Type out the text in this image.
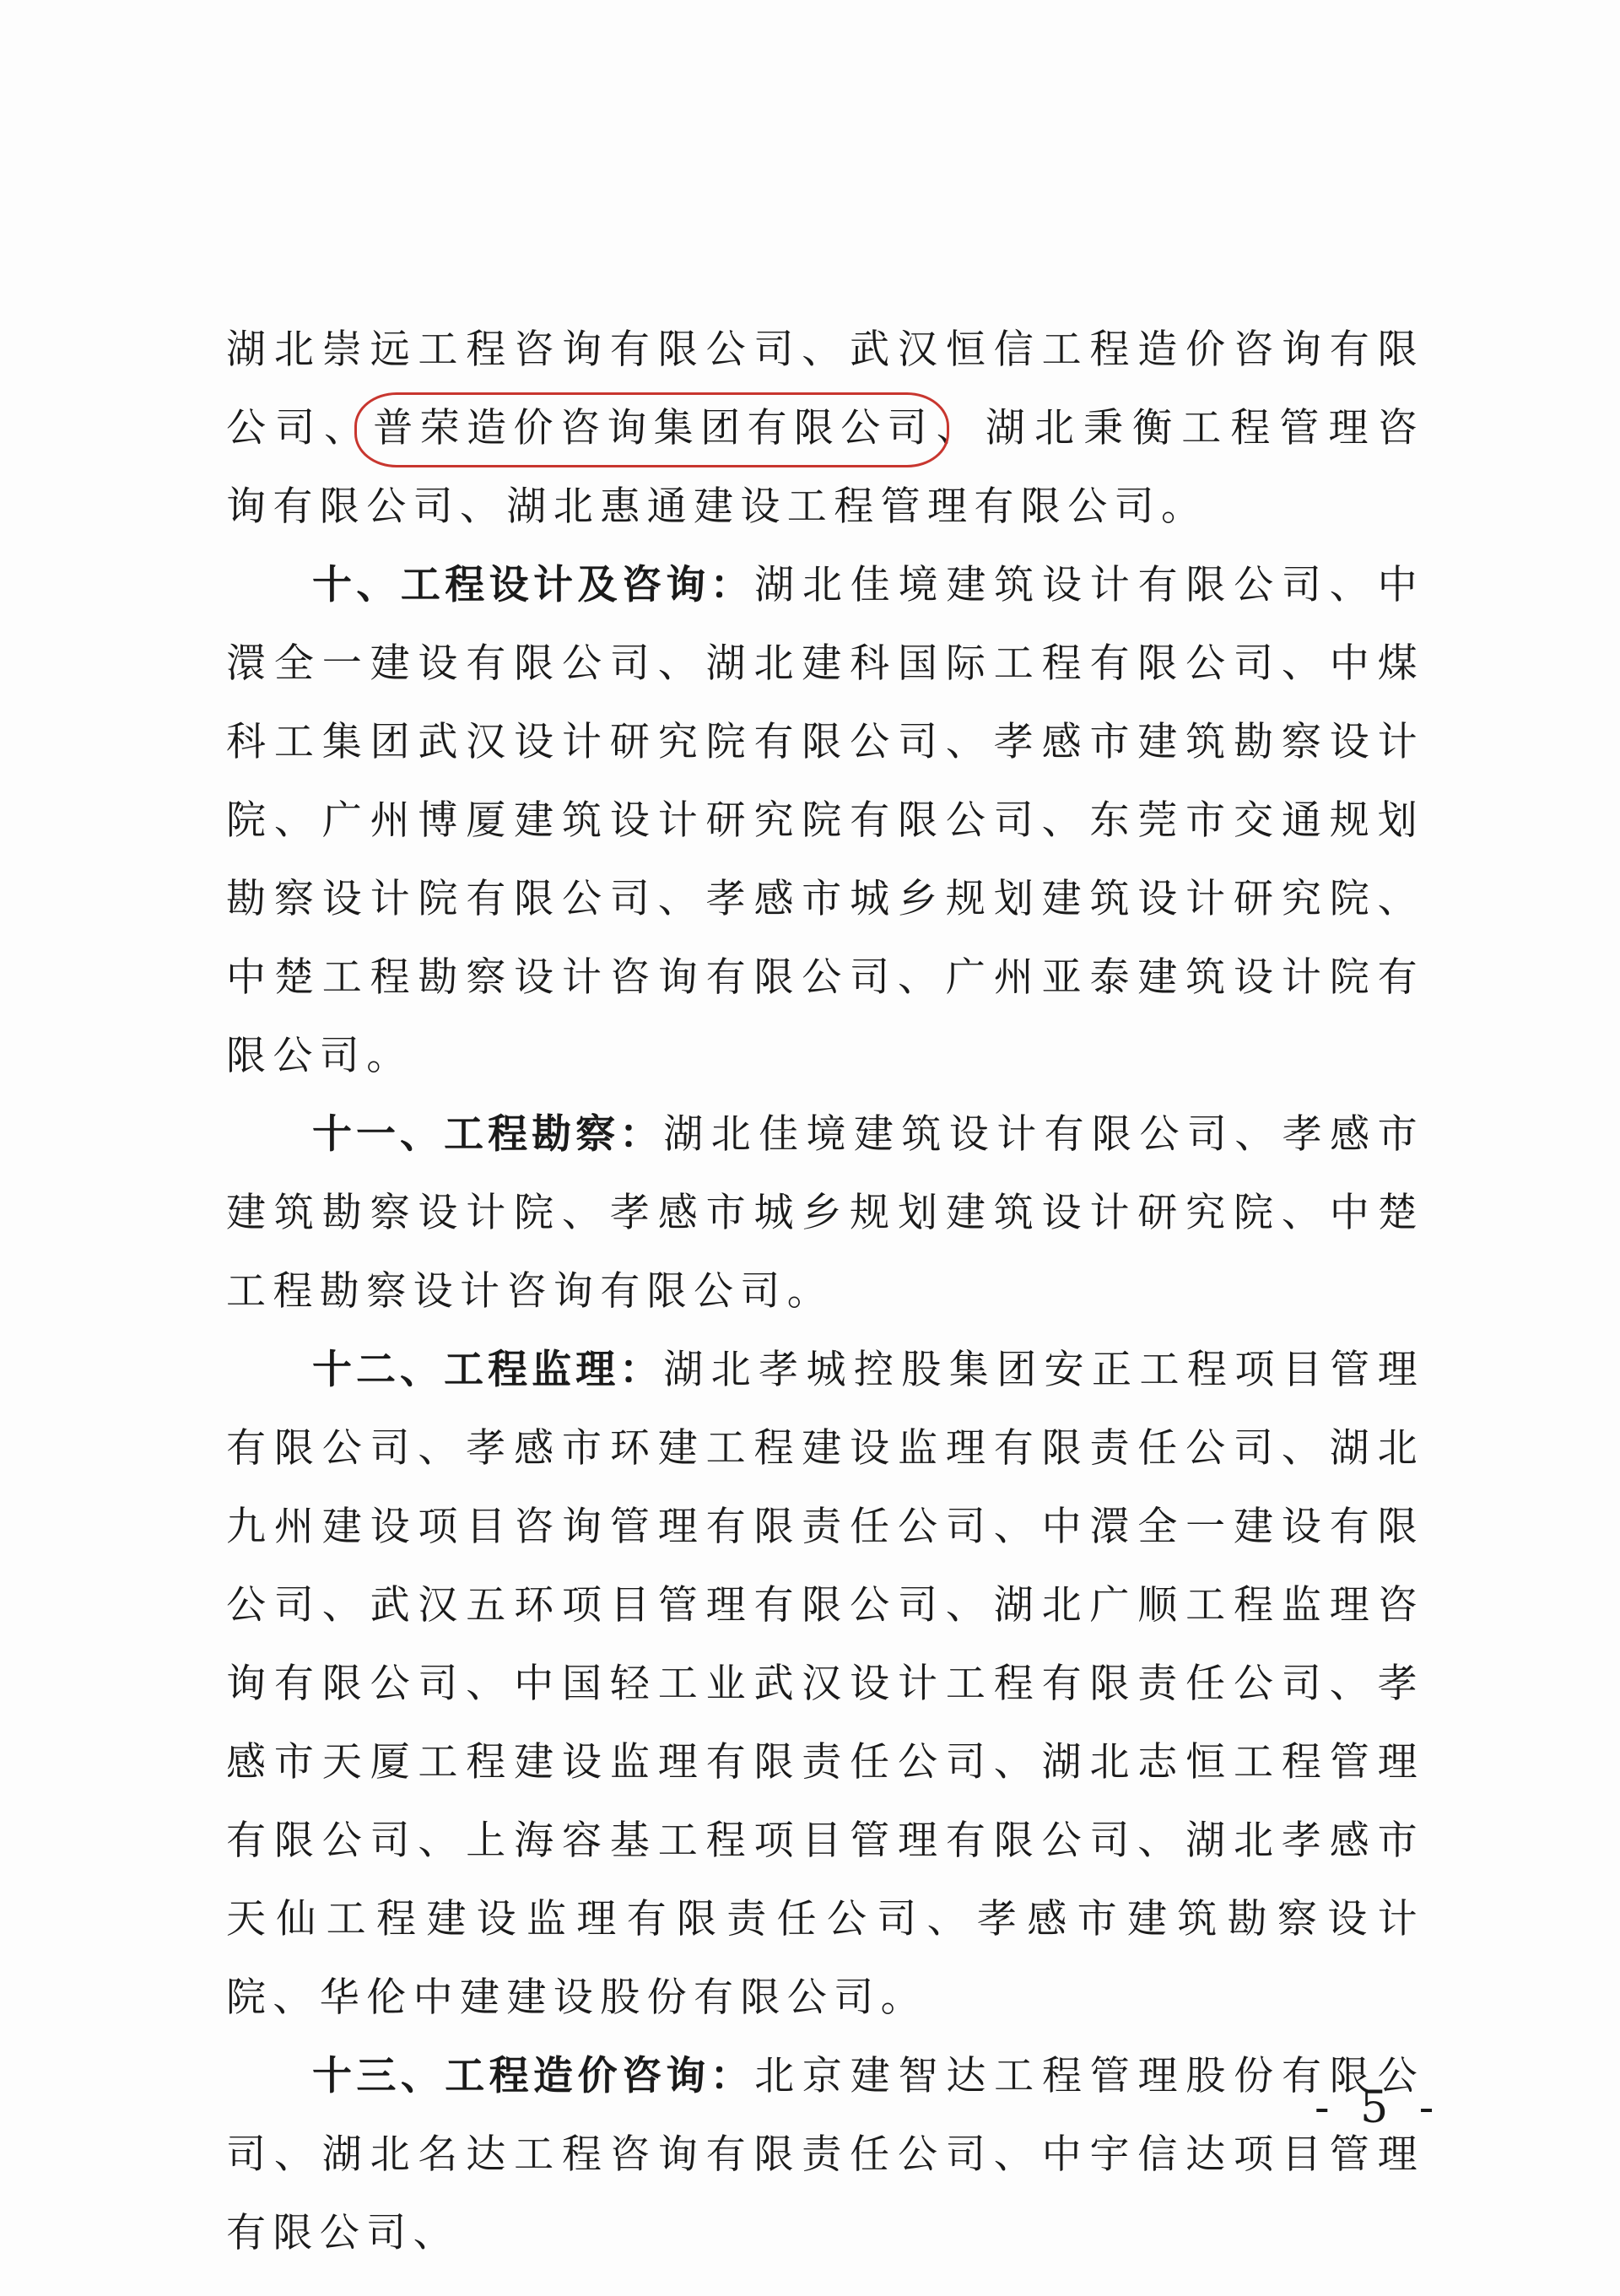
湖北崇远工程咨询有限公司、武汉恒信工程造价咨询有限公司、普荣造价咨询集团有限公司、湖北秉衡工程管理咨询有限公司、湖北惠通建设工程管理有限公司。

十、工程设计及咨询：湖北佳境建筑设计有限公司、中澴全一建设有限公司、湖北建科国际工程有限公司、中煤科工集团武汉设计研究院有限公司、孝感市建筑勘察设计院、广州博厦建筑设计研究院有限公司、东莞市交通规划勘察设计院有限公司、孝感市城乡规划建筑设计研究院、中楚工程勘察设计咨询有限公司、广州亚泰建筑设计院有限公司。

十一、工程勘察：湖北佳境建筑设计有限公司、孝感市建筑勘察设计院、孝感市城乡规划建筑设计研究院、中楚工程勘察设计咨询有限公司。

十二、工程监理：湖北孝城控股集团安正工程项目管理有限公司、孝感市环建工程建设监理有限责任公司、湖北九州建设项目咨询管理有限责任公司、中澴全一建设有限公司、武汉五环项目管理有限公司、湖北广顺工程监理咨询有限公司、中国轻工业武汉设计工程有限责任公司、孝感市天厦工程建设监理有限责任公司、湖北志恒工程管理有限公司、上海容基工程项目管理有限公司、湖北孝感市天仙工程建设监理有限责任公司、孝感市建筑勘察设计院、华伦中建建设股份有限公司。

十三、工程造价咨询：北京建智达工程管理股份有限公司、湖北名达工程咨询有限责任公司、中宇信达项目管理有限公司、

- 5 -
